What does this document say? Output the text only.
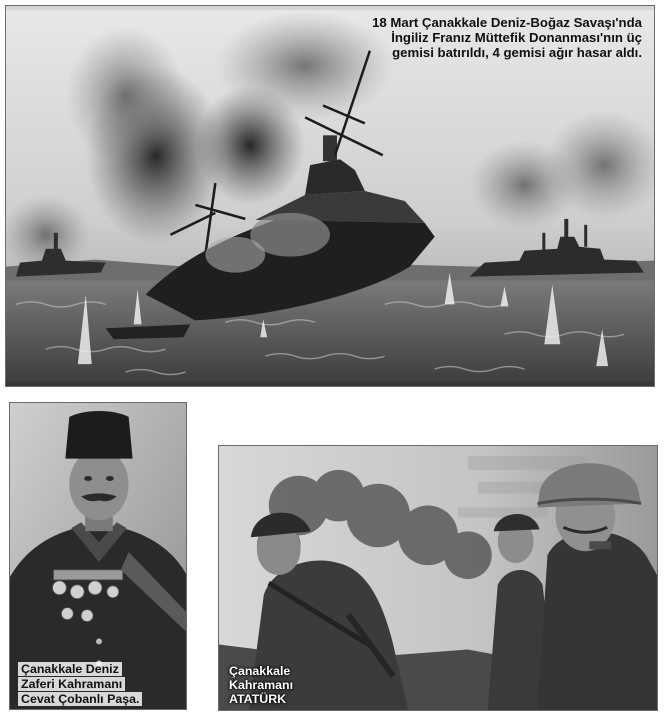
18 Mart Çanakkale Deniz-Boğaz Savaşı'nda
İngiliz Franız Müttefik Donanması'nın üç
gemisi batırıldı, 4 gemisi ağır hasar aldı.

Çanakkale Deniz
Zaferi Kahramanı
Cevat Çobanlı Paşa.

Çanakkale
Kahramanı
ATATÜRK
